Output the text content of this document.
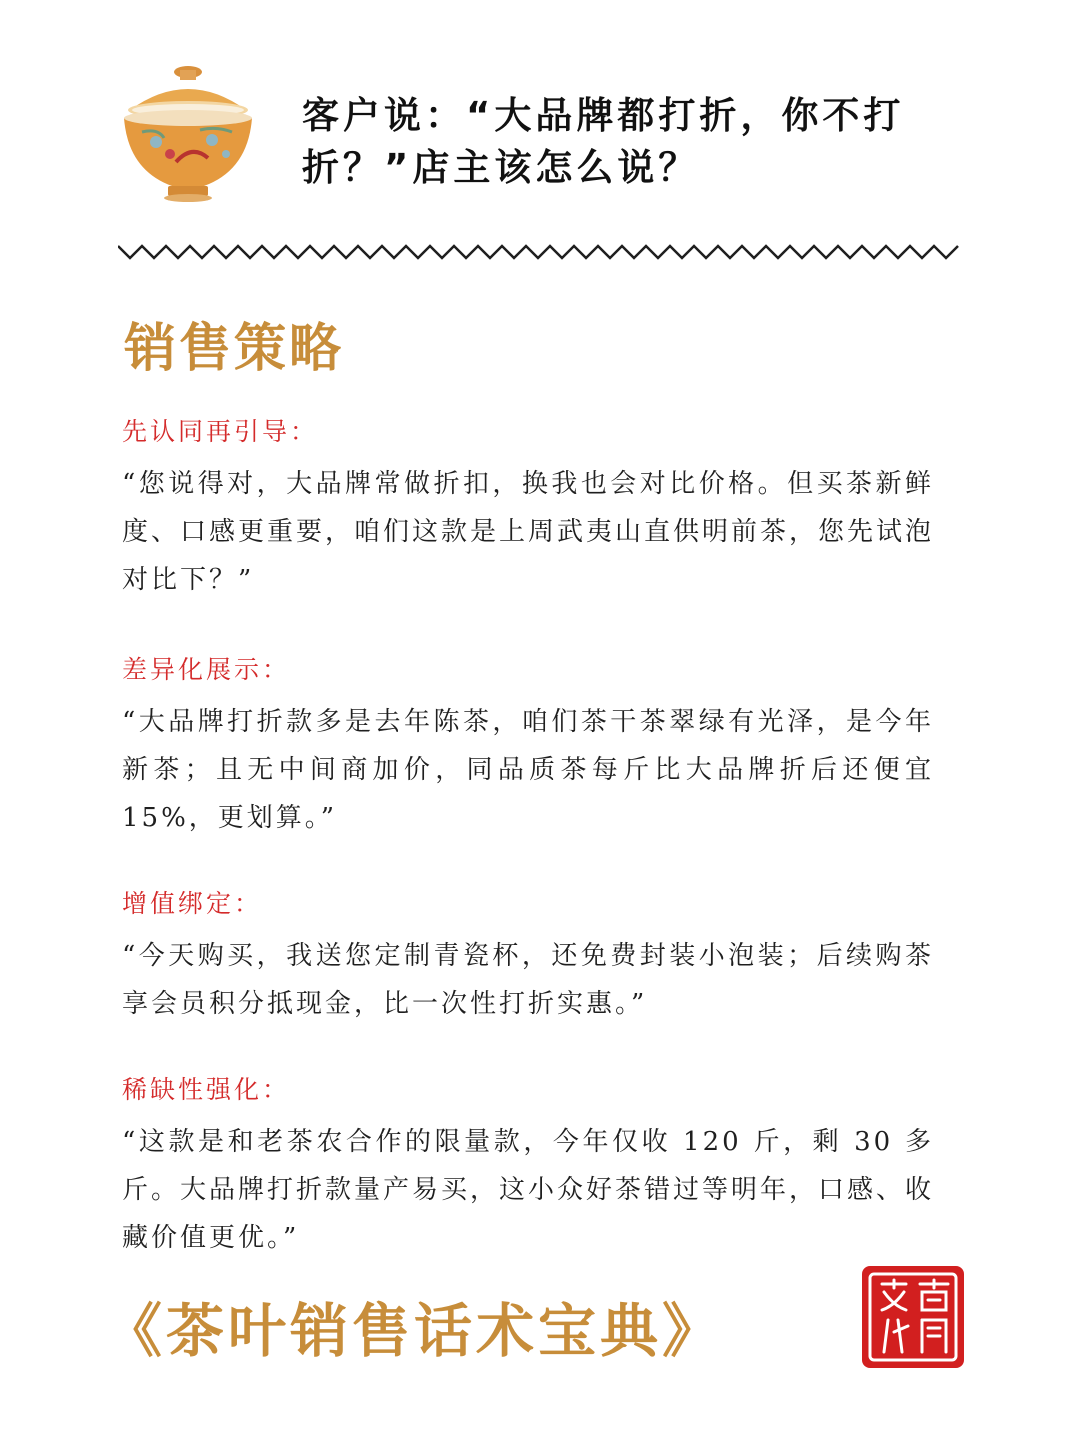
客户说：“大品牌都打折，你不打折？”店主该怎么说？
销售策略

先认同再引导：

“您说得对，大品牌常做折扣，换我也会对比价格。但买茶新鲜度、口感更重要，咱们这款是上周武夷山直供明前茶，您先试泡对比下？”

差异化展示：

“大品牌打折款多是去年陈茶，咱们茶干茶翠绿有光泽，是今年新茶；且无中间商加价，同品质茶每斤比大品牌折后还便宜 15%，更划算。”

增值绑定：

“今天购买，我送您定制青瓷杯，还免费封装小泡装；后续购茶享会员积分抵现金，比一次性打折实惠。”

稀缺性强化：

“这款是和老茶农合作的限量款，今年仅收 120 斤，剩 30 多斤。大品牌打折款量产易买，这小众好茶错过等明年，口感、收藏价值更优。”

《茶叶销售话术宝典》
